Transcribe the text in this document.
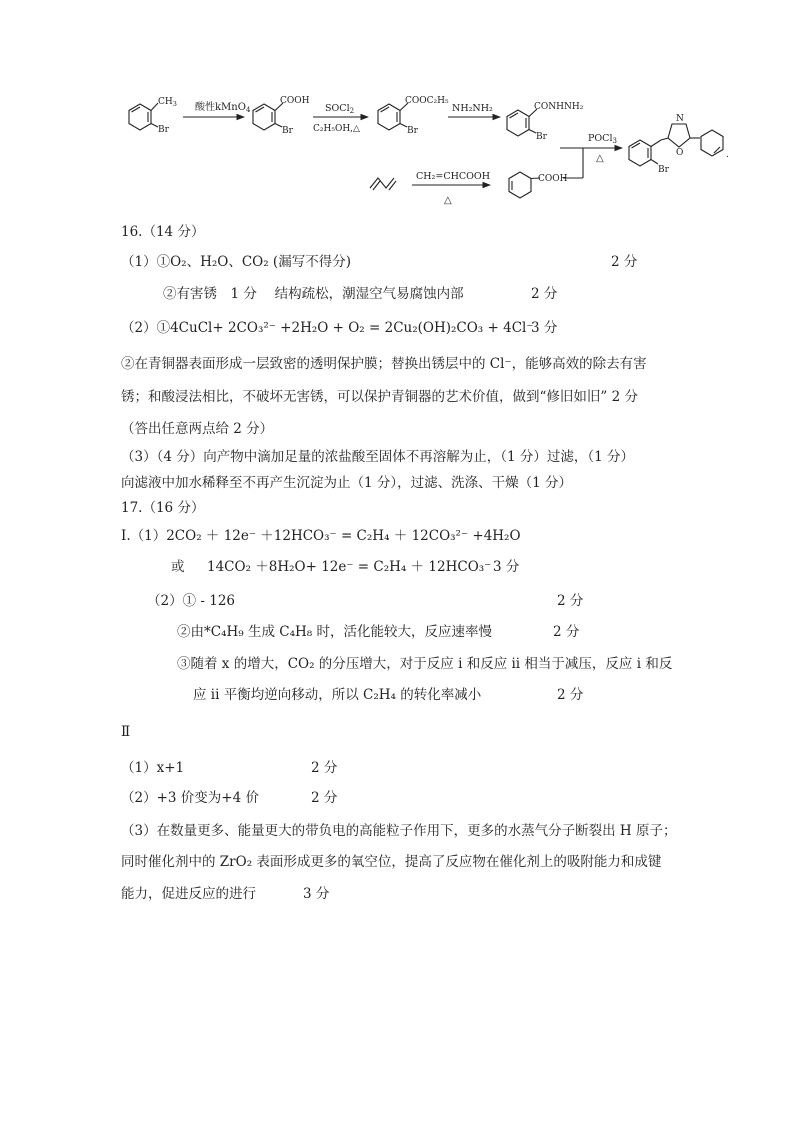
$CH_3$
Br
酸性kMnO$_4$
COOH
Br
SOCl$_2$
C₂H₅OH,△
COOC₂H₅
Br
NH₂NH₂	CONHNH₂
Br	POCl$_3$
△
N
O
Br
.
CH₂=CHCOOH
△
COOH
16.（14 分）
（1）①O₂、H₂O、CO₂ (漏写不得分)	2 分
②有害锈　1 分　 结构疏松，潮湿空气易腐蚀内部	2 分
（2）①4CuCl+ 2CO₃²⁻ +2H₂O + O₂ = 2Cu₂(OH)₂CO₃ + 4Cl⁻
3 分
②在青铜器表面形成一层致密的透明保护膜；替换出锈层中的 Cl⁻，能够高效的除去有害
锈；和酸浸法相比，不破坏无害锈，可以保护青铜器的艺术价值，做到“修旧如旧” 2 分
（答出任意两点给 2 分）
（3）（4 分）向产物中滴加足量的浓盐酸至固体不再溶解为止，（1 分）过滤，（1 分）
向滤液中加水稀释至不再产生沉淀为止（1 分），过滤、洗涤、干燥（1 分）
17.（16 分）
Ⅰ.（1）2CO₂ ＋ 12e⁻ ＋12HCO₃⁻ = C₂H₄ ＋ 12CO₃²⁻ +4H₂O
或 14CO₂ ＋8H₂O+ 12e⁻ = C₂H₄ ＋ 12HCO₃⁻ 3 分
（2）① - 126	2 分
②由*C₄H₉ 生成 C₄H₈ 时，活化能较大，反应速率慢	2 分
③随着 x 的增大，CO₂ 的分压增大，对于反应 i 和反应 ii 相当于减压，反应 i 和反
应 ii 平衡均逆向移动，所以 C₂H₄ 的转化率减小	2 分
Ⅱ
（1）x+1	2 分
（2）+3 价变为+4 价	2 分
（3）在数量更多、能量更大的带负电的高能粒子作用下，更多的水蒸气分子断裂出 H 原子；
同时催化剂中的 ZrO₂ 表面形成更多的氧空位，提高了反应物在催化剂上的吸附能力和成键
能力，促进反应的进行	3 分
